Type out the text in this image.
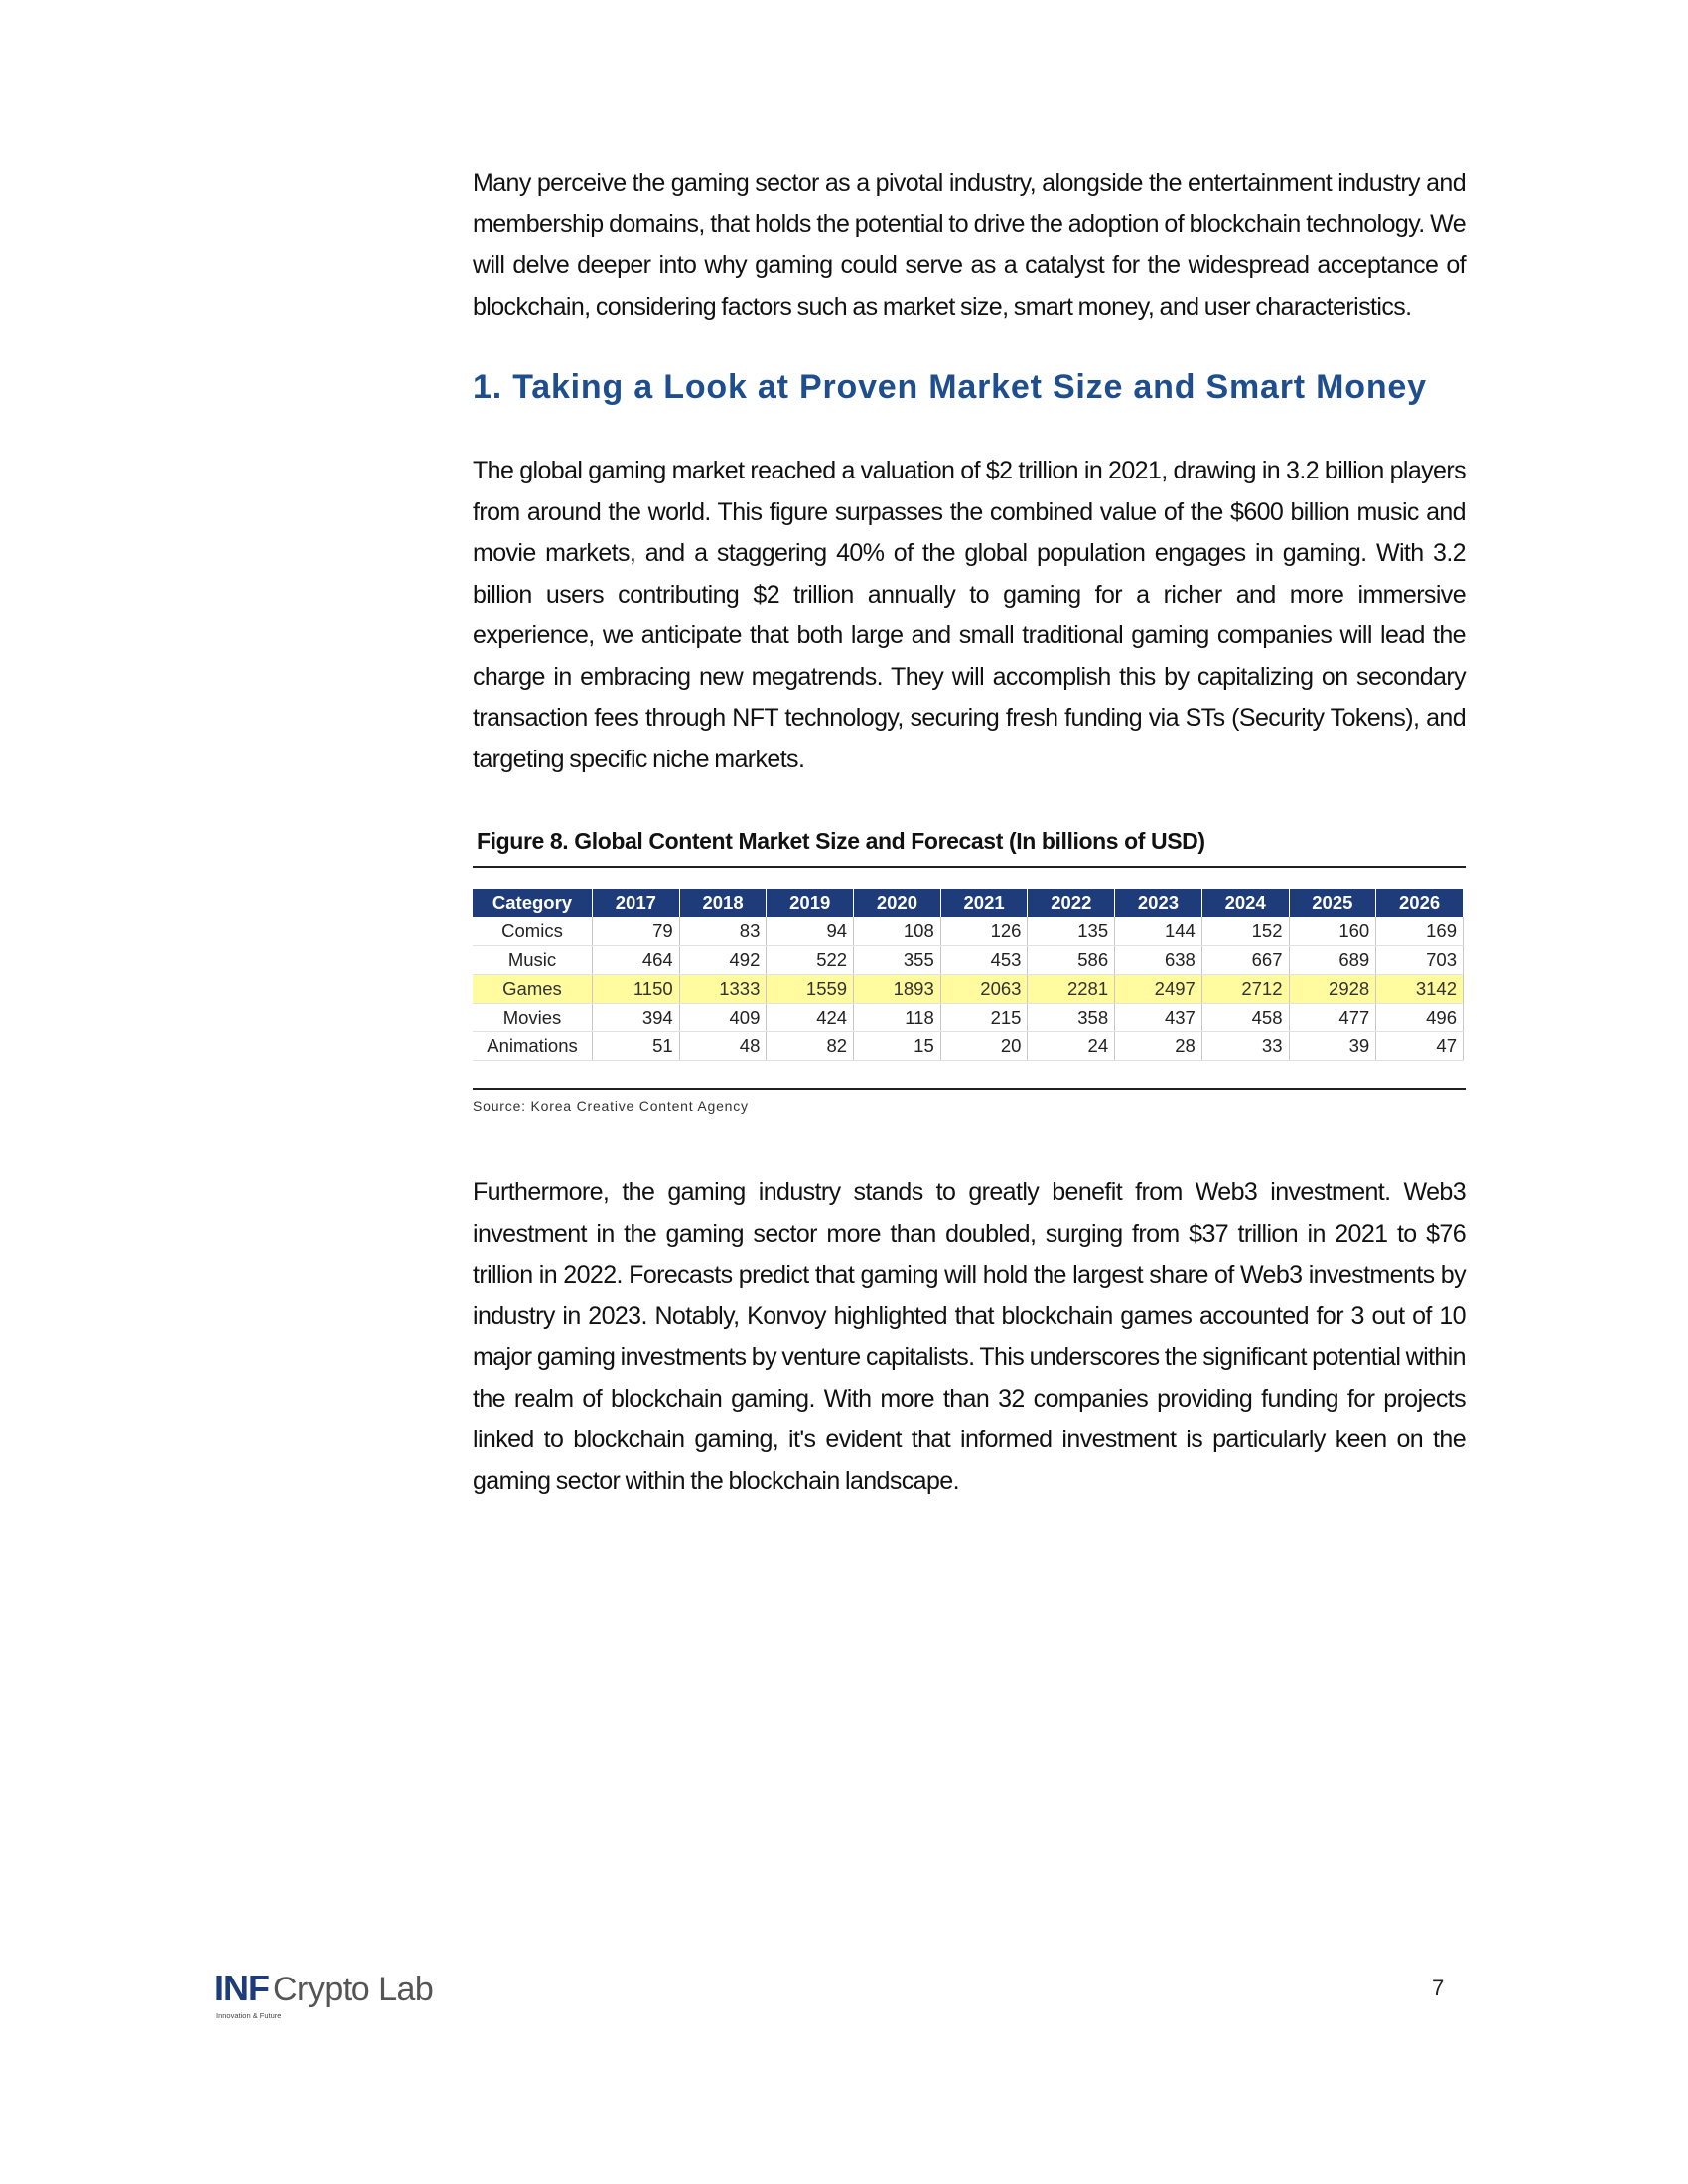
Many perceive the gaming sector as a pivotal industry, alongside the entertainment industry and membership domains, that holds the potential to drive the adoption of blockchain technology. We will delve deeper into why gaming could serve as a catalyst for the widespread acceptance of blockchain, considering factors such as market size, smart money, and user characteristics.

1. Taking a Look at Proven Market Size and Smart Money

The global gaming market reached a valuation of $2 trillion in 2021, drawing in 3.2 billion players from around the world. This figure surpasses the combined value of the $600 billion music and movie markets, and a staggering 40% of the global population engages in gaming. With 3.2 billion users contributing $2 trillion annually to gaming for a richer and more immersive experience, we anticipate that both large and small traditional gaming companies will lead the charge in embracing new megatrends. They will accomplish this by capitalizing on secondary transaction fees through NFT technology, securing fresh funding via STs (Security Tokens), and targeting specific niche markets.

Figure 8. Global Content Market Size and Forecast (In billions of USD)

Category	2017	2018	2019	2020	2021	2022	2023	2024	2025	2026
Comics	79	83	94	108	126	135	144	152	160	169
Music	464	492	522	355	453	586	638	667	689	703
Games	1150	1333	1559	1893	2063	2281	2497	2712	2928	3142
Movies	394	409	424	118	215	358	437	458	477	496
Animations	51	48	82	15	20	24	28	33	39	47

Source: Korea Creative Content Agency

Furthermore, the gaming industry stands to greatly benefit from Web3 investment. Web3 investment in the gaming sector more than doubled, surging from $37 trillion in 2021 to $76 trillion in 2022. Forecasts predict that gaming will hold the largest share of Web3 investments by industry in 2023. Notably, Konvoy highlighted that blockchain games accounted for 3 out of 10 major gaming investments by venture capitalists. This underscores the significant potential within the realm of blockchain gaming. With more than 32 companies providing funding for projects linked to blockchain gaming, it's evident that informed investment is particularly keen on the gaming sector within the blockchain landscape.

INF Crypto Lab
Innovation & Future
7
